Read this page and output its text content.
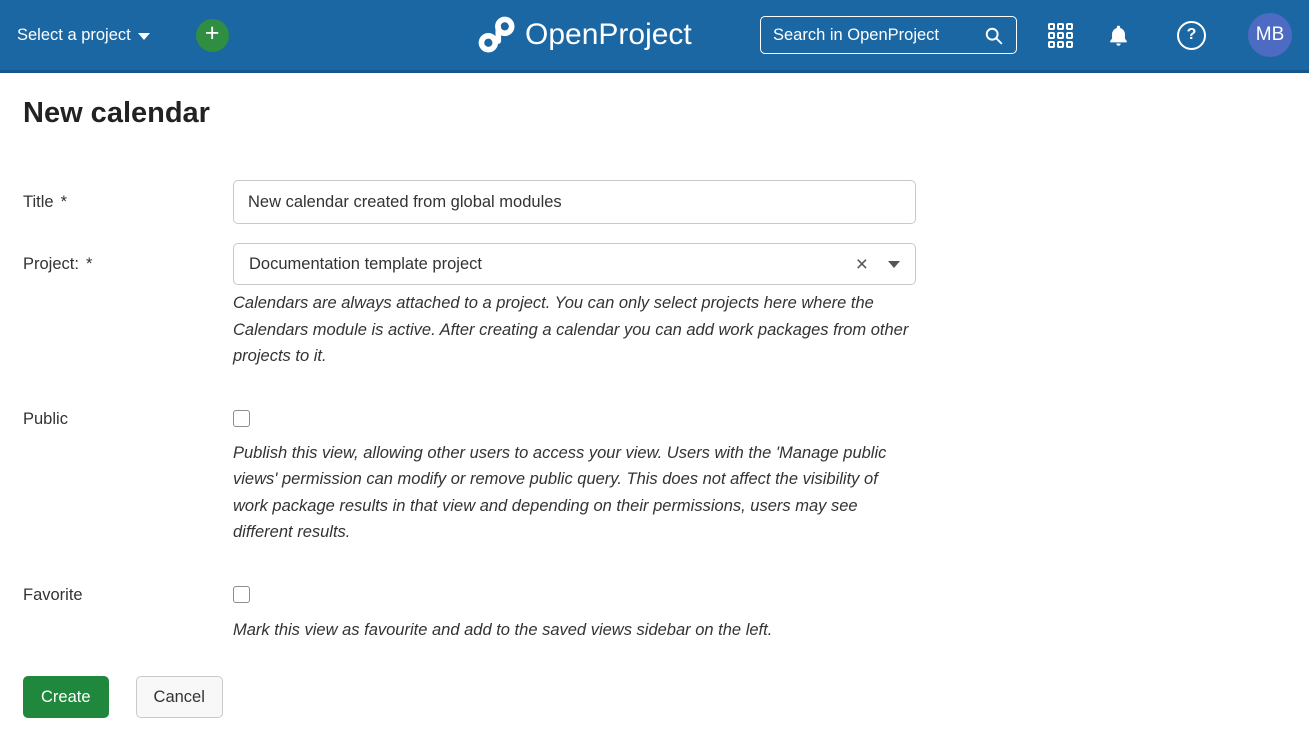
Select a project	+	OpenProject	Search in OpenProject	?	MB
New calendar
Title *
New calendar created from global modules
Project: *	Documentation template project	×

Calendars are always attached to a project. You can only select projects here where the Calendars module is active. After creating a calendar you can add work packages from other projects to it.

Public

Publish this view, allowing other users to access your view. Users with the 'Manage public views' permission can modify or remove public query. This does not affect the visibility of work package results in that view and depending on their permissions, users may see different results.

Favorite

Mark this view as favourite and add to the saved views sidebar on the left.

Create	Cancel
